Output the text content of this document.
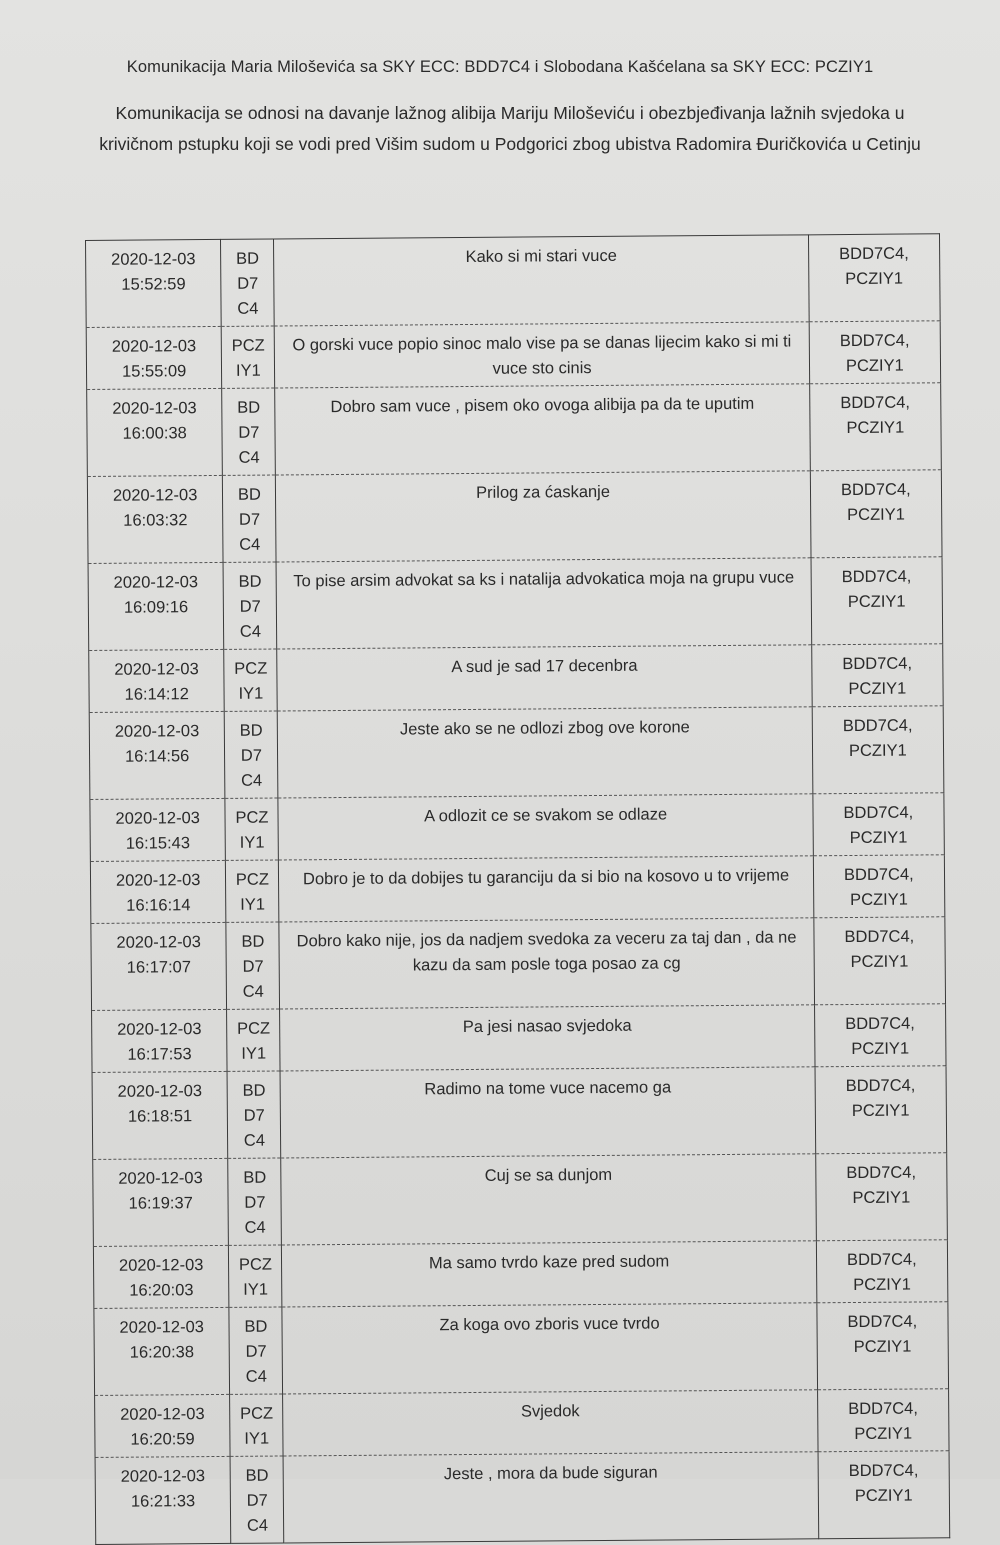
Komunikacija Maria Miloševića sa SKY ECC: BDD7C4 i Slobodana Kašćelana sa SKY ECC: PCZIY1
Komunikacija se odnosi na davanje lažnog alibija Mariju Miloševiću i obezbjeđivanja lažnih svjedoka u krivičnom pstupku koji se vodi pred Višim sudom u Podgorici zbog ubistva Radomira Đuričkovića u Cetinju
2020-12-03
15:52:59	BD
D7
C4	Kako si mi stari vuce	BDD7C4, PCZIY1

2020-12-03
15:55:09	PCZ
IY1	O gorski vuce popio sinoc malo vise pa se danas lijecim kako si mi ti vuce sto cinis	BDD7C4, PCZIY1

2020-12-03
16:00:38	BD
D7
C4	Dobro sam vuce , pisem oko ovoga alibija pa da te uputim	BDD7C4, PCZIY1

2020-12-03
16:03:32	BD
D7
C4	Prilog za ćaskanje	BDD7C4, PCZIY1

2020-12-03
16:09:16	BD
D7
C4	To pise arsim advokat sa ks i natalija advokatica moja na grupu vuce	BDD7C4, PCZIY1

2020-12-03
16:14:12	PCZ
IY1	A sud je sad 17 decenbra	BDD7C4, PCZIY1

2020-12-03
16:14:56	BD
D7
C4	Jeste ako se ne odlozi zbog ove korone	BDD7C4, PCZIY1

2020-12-03
16:15:43	PCZ
IY1	A odlozit ce se svakom se odlaze	BDD7C4, PCZIY1

2020-12-03
16:16:14	PCZ
IY1	Dobro je to da dobijes tu garanciju da si bio na kosovo u to vrijeme	BDD7C4, PCZIY1

2020-12-03
16:17:07	BD
D7
C4	Dobro kako nije, jos da nadjem svedoka za veceru za taj dan , da ne kazu da sam posle toga posao za cg	BDD7C4, PCZIY1

2020-12-03
16:17:53	PCZ
IY1	Pa jesi nasao svjedoka	BDD7C4, PCZIY1

2020-12-03
16:18:51	BD
D7
C4	Radimo na tome vuce nacemo ga	BDD7C4, PCZIY1

2020-12-03
16:19:37	BD
D7
C4	Cuj se sa dunjom	BDD7C4, PCZIY1

2020-12-03
16:20:03	PCZ
IY1	Ma samo tvrdo kaze pred sudom	BDD7C4, PCZIY1

2020-12-03
16:20:38	BD
D7
C4	Za koga ovo zboris vuce tvrdo	BDD7C4, PCZIY1

2020-12-03
16:20:59	PCZ
IY1	Svjedok	BDD7C4, PCZIY1

2020-12-03
16:21:33	BD
D7
C4	Jeste , mora da bude siguran	BDD7C4, PCZIY1
